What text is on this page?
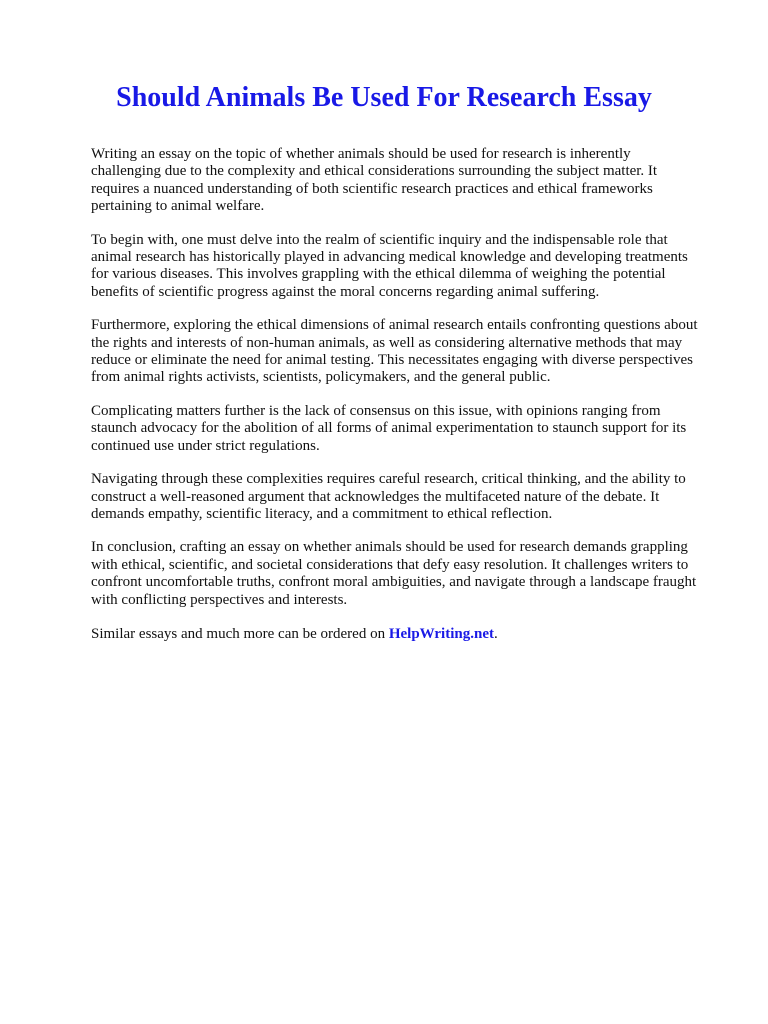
Should Animals Be Used For Research Essay

Writing an essay on the topic of whether animals should be used for research is inherently
challenging due to the complexity and ethical considerations surrounding the subject matter. It
requires a nuanced understanding of both scientific research practices and ethical frameworks
pertaining to animal welfare.

To begin with, one must delve into the realm of scientific inquiry and the indispensable role that
animal research has historically played in advancing medical knowledge and developing treatments
for various diseases. This involves grappling with the ethical dilemma of weighing the potential
benefits of scientific progress against the moral concerns regarding animal suffering.

Furthermore, exploring the ethical dimensions of animal research entails confronting questions about
the rights and interests of non-human animals, as well as considering alternative methods that may
reduce or eliminate the need for animal testing. This necessitates engaging with diverse perspectives
from animal rights activists, scientists, policymakers, and the general public.

Complicating matters further is the lack of consensus on this issue, with opinions ranging from
staunch advocacy for the abolition of all forms of animal experimentation to staunch support for its
continued use under strict regulations.

Navigating through these complexities requires careful research, critical thinking, and the ability to
construct a well-reasoned argument that acknowledges the multifaceted nature of the debate. It
demands empathy, scientific literacy, and a commitment to ethical reflection.

In conclusion, crafting an essay on whether animals should be used for research demands grappling
with ethical, scientific, and societal considerations that defy easy resolution. It challenges writers to
confront uncomfortable truths, confront moral ambiguities, and navigate through a landscape fraught
with conflicting perspectives and interests.

Similar essays and much more can be ordered on HelpWriting.net.
